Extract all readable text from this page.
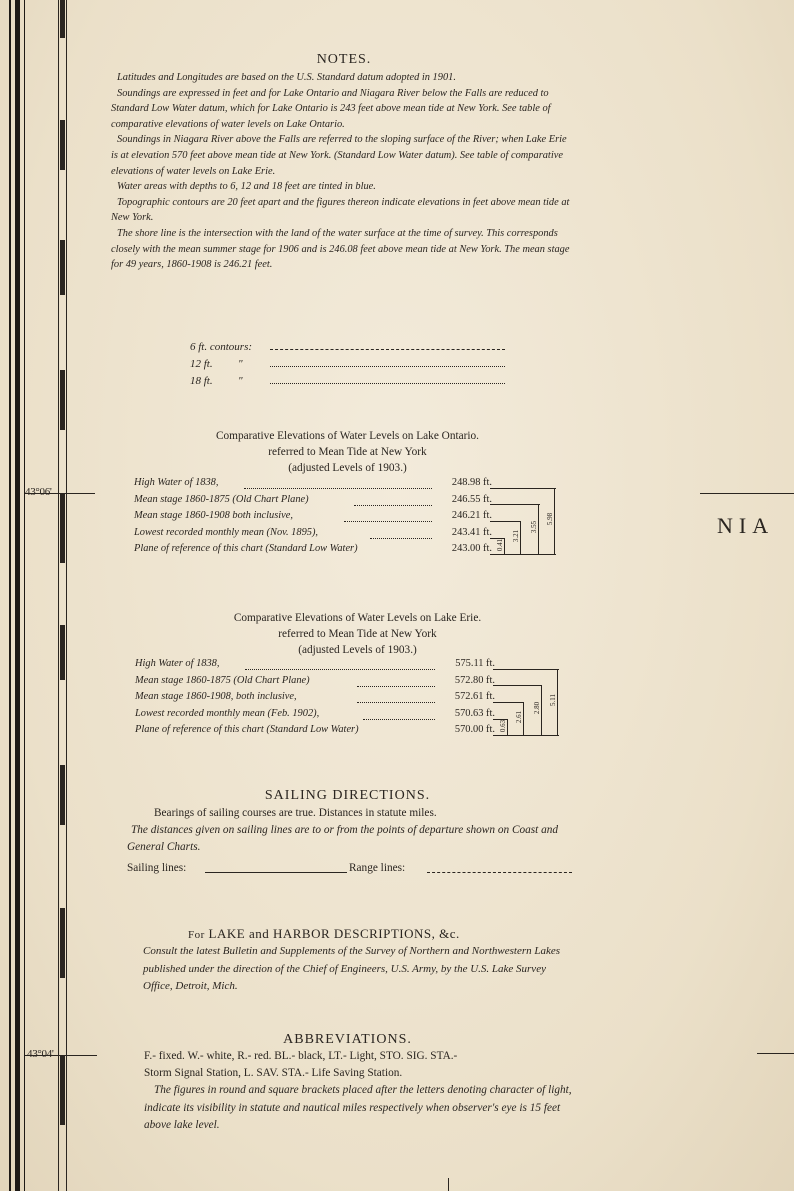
43°06'
43°04'
NIA
NOTES.

Latitudes and Longitudes are based on the U.S. Standard datum adopted in 1901.

Soundings are expressed in feet and for Lake Ontario and Niagara River below the Falls are reduced to Standard Low Water datum, which for Lake Ontario is 243 feet above mean tide at New York. See table of comparative elevations of water levels on Lake Ontario.

Soundings in Niagara River above the Falls are referred to the sloping surface of the River; when Lake Erie is at elevation 570 feet above mean tide at New York. (Standard Low Water datum). See table of comparative elevations of water levels on Lake Erie.

Water areas with depths to 6, 12 and 18 feet are tinted in blue.

Topographic contours are 20 feet apart and the figures thereon indicate elevations in feet above mean tide at New York.

The shore line is the intersection with the land of the water surface at the time of survey. This corresponds closely with the mean summer stage for 1906 and is 246.08 feet above mean tide at New York. The mean stage for 49 years, 1860-1908 is 246.21 feet.

6 ft. contours:
12 ft. "
18 ft. "
Comparative Elevations of Water Levels on Lake Ontario.
referred to Mean Tide at New York
(adjusted Levels of 1903.)
High Water of 1838,	248.98 ft.
Mean stage 1860-1875 (Old Chart Plane)	246.55 ft.
Mean stage 1860-1908 both inclusive,	246.21 ft.
Lowest recorded monthly mean (Nov. 1895),	243.41 ft.
Plane of reference of this chart (Standard Low Water)	243.00 ft. 0.41
3.21
3.55
5.98
Comparative Elevations of Water Levels on Lake Erie.
referred to Mean Tide at New York
(adjusted Levels of 1903.)
High Water of 1838,	575.11 ft.
Mean stage 1860-1875 (Old Chart Plane)	572.80 ft.
Mean stage 1860-1908, both inclusive,	572.61 ft.
Lowest recorded monthly mean (Feb. 1902),	570.63 ft.
Plane of reference of this chart (Standard Low Water)	570.00 ft. 0.63
2.61
2.80
5.11
SAILING DIRECTIONS.
Bearings of sailing courses are true. Distances in statute miles.
The distances given on sailing lines are to or from the points of departure shown on Coast and General Charts.
Sailing lines:	Range lines:
For LAKE and HARBOR DESCRIPTIONS, &c.
Consult the latest Bulletin and Supplements of the Survey of Northern and Northwestern Lakes published under the direction of the Chief of Engineers, U.S. Army, by the U.S. Lake Survey Office, Detroit, Mich.
ABBREVIATIONS.
F.- fixed. W.- white, R.- red. BL.- black, LT.- Light, STO. SIG. STA.-
Storm Signal Station, L. SAV. STA.- Life Saving Station.
The figures in round and square brackets placed after the letters denoting character of light, indicate its visibility in statute and nautical miles respectively when observer's eye is 15 feet above lake level.
